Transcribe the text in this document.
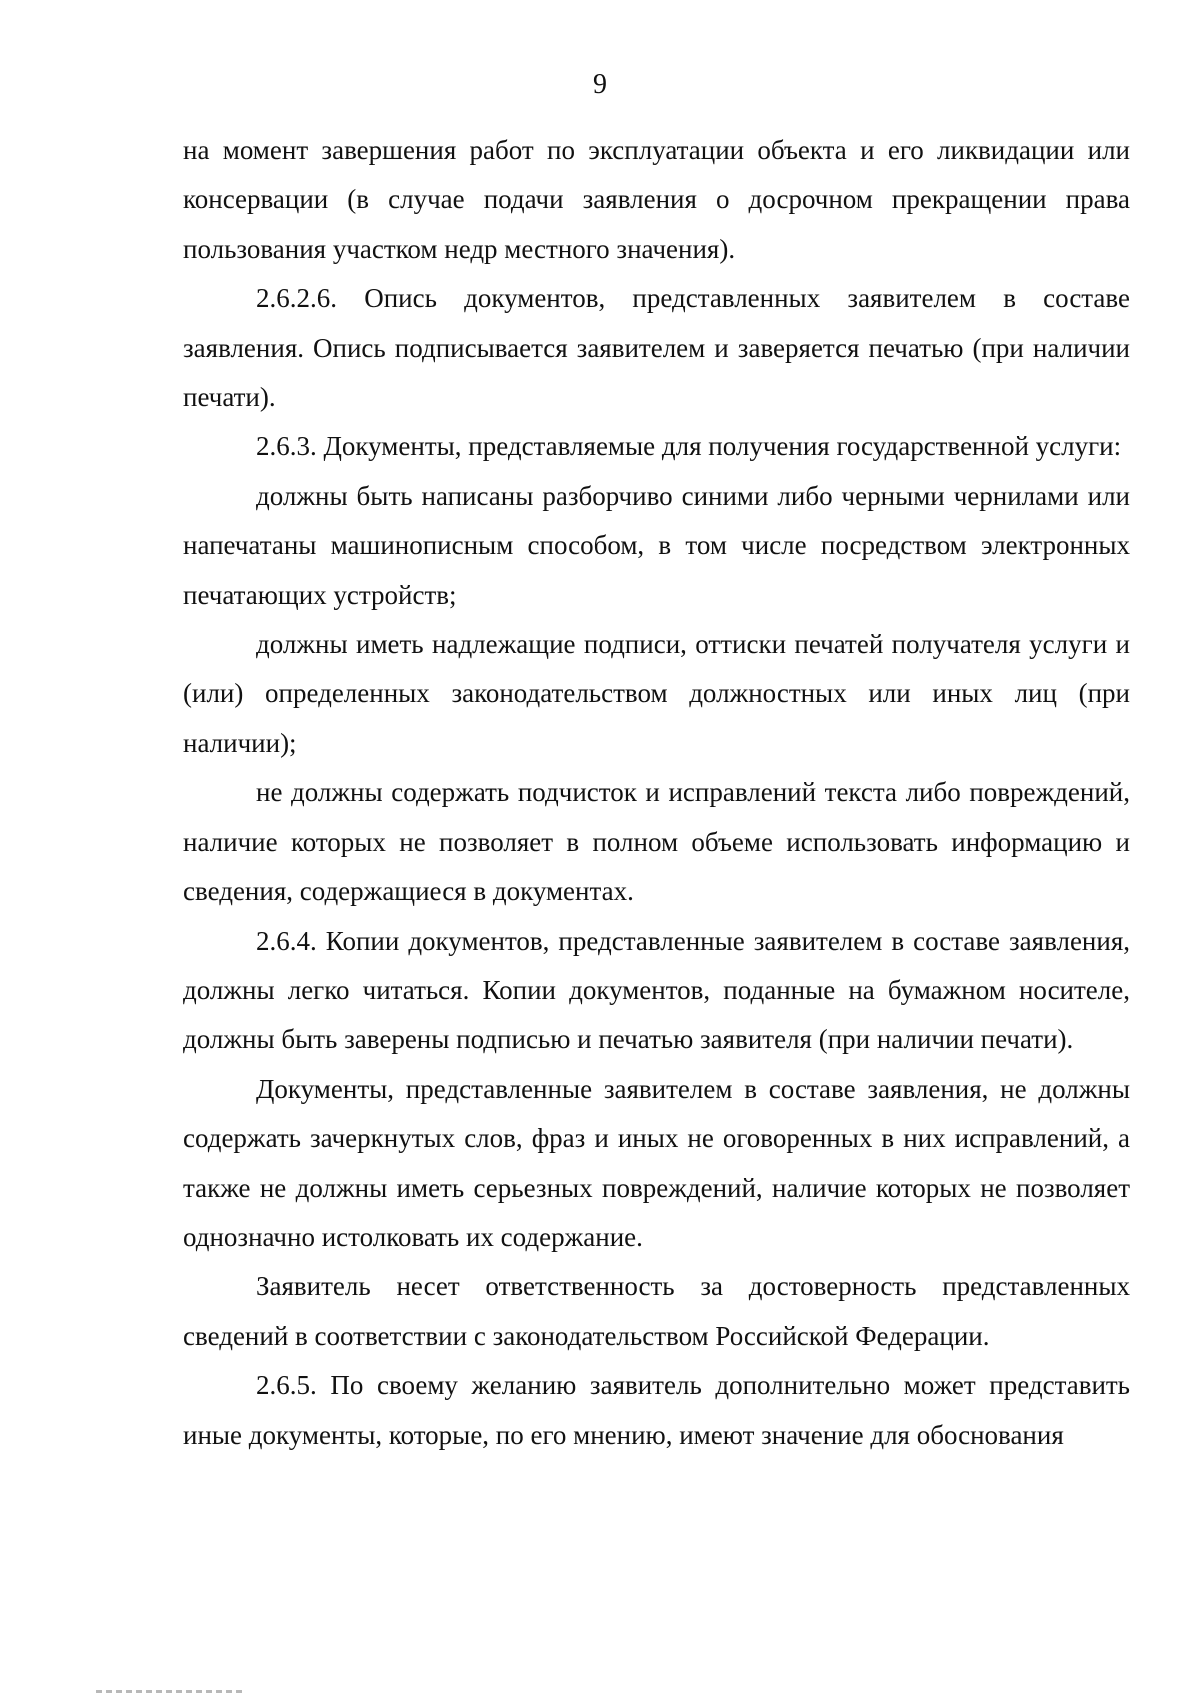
9

на момент завершения работ по эксплуатации объекта и его ликвидации или консервации (в случае подачи заявления о досрочном прекращении права пользования участком недр местного значения).

2.6.2.6. Опись документов, представленных заявителем в составе заявления. Опись подписывается заявителем и заверяется печатью (при наличии печати).

2.6.3. Документы, представляемые для получения государственной услуги:

должны быть написаны разборчиво синими либо черными чернилами или напечатаны машинописным способом, в том числе посредством электронных печатающих устройств;

должны иметь надлежащие подписи, оттиски печатей получателя услуги и (или) определенных законодательством должностных или иных лиц (при наличии);

не должны содержать подчисток и исправлений текста либо повреждений, наличие которых не позволяет в полном объеме использовать информацию и сведения, содержащиеся в документах.

2.6.4. Копии документов, представленные заявителем в составе заявления, должны легко читаться. Копии документов, поданные на бумажном носителе, должны быть заверены подписью и печатью заявителя (при наличии печати).

Документы, представленные заявителем в составе заявления, не должны содержать зачеркнутых слов, фраз и иных не оговоренных в них исправлений, а также не должны иметь серьезных повреждений, наличие которых не позволяет однозначно истолковать их содержание.

Заявитель несет ответственность за достоверность представленных сведений в соответствии с законодательством Российской Федерации.

2.6.5. По своему желанию заявитель дополнительно может представить иные документы, которые, по его мнению, имеют значение для обоснования
